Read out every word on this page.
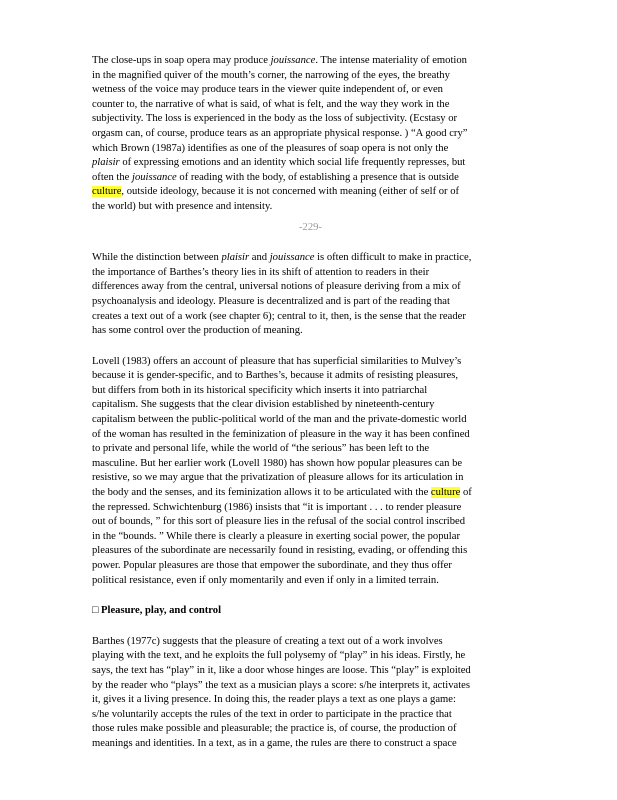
The close-ups in soap opera may produce jouissance. The intense materiality of emotion
in the magnified quiver of the mouth’s corner, the narrowing of the eyes, the breathy
wetness of the voice may produce tears in the viewer quite independent of, or even
counter to, the narrative of what is said, of what is felt, and the way they work in the
subjectivity. The loss is experienced in the body as the loss of subjectivity. (Ecstasy or
orgasm can, of course, produce tears as an appropriate physical response. ) “A good cry”
which Brown (1987a) identifies as one of the pleasures of soap opera is not only the
plaisir of expressing emotions and an identity which social life frequently represses, but
often the jouissance of reading with the body, of establishing a presence that is outside
culture, outside ideology, because it is not concerned with meaning (either of self or of
the world) but with presence and intensity.
-229-
While the distinction between plaisir and jouissance is often difficult to make in practice,
the importance of Barthes’s theory lies in its shift of attention to readers in their
differences away from the central, universal notions of pleasure deriving from a mix of
psychoanalysis and ideology. Pleasure is decentralized and is part of the reading that
creates a text out of a work (see chapter 6); central to it, then, is the sense that the reader
has some control over the production of meaning.
Lovell (1983) offers an account of pleasure that has superficial similarities to Mulvey’s
because it is gender-specific, and to Barthes’s, because it admits of resisting pleasures,
but differs from both in its historical specificity which inserts it into patriarchal
capitalism. She suggests that the clear division established by nineteenth-century
capitalism between the public-political world of the man and the private-domestic world
of the woman has resulted in the feminization of pleasure in the way it has been confined
to private and personal life, while the world of “the serious” has been left to the
masculine. But her earlier work (Lovell 1980) has shown how popular pleasures can be
resistive, so we may argue that the privatization of pleasure allows for its articulation in
the body and the senses, and its feminization allows it to be articulated with the culture of
the repressed. Schwichtenburg (1986) insists that “it is important . . . to render pleasure
out of bounds, ” for this sort of pleasure lies in the refusal of the social control inscribed
in the “bounds. ” While there is clearly a pleasure in exerting social power, the popular
pleasures of the subordinate are necessarily found in resisting, evading, or offending this
power. Popular pleasures are those that empower the subordinate, and they thus offer
political resistance, even if only momentarily and even if only in a limited terrain.
□ Pleasure, play, and control
Barthes (1977c) suggests that the pleasure of creating a text out of a work involves
playing with the text, and he exploits the full polysemy of “play” in his ideas. Firstly, he
says, the text has “play” in it, like a door whose hinges are loose. This “play” is exploited
by the reader who “plays” the text as a musician plays a score: s/he interprets it, activates
it, gives it a living presence. In doing this, the reader plays a text as one plays a game:
s/he voluntarily accepts the rules of the text in order to participate in the practice that
those rules make possible and pleasurable; the practice is, of course, the production of
meanings and identities. In a text, as in a game, the rules are there to construct a space
